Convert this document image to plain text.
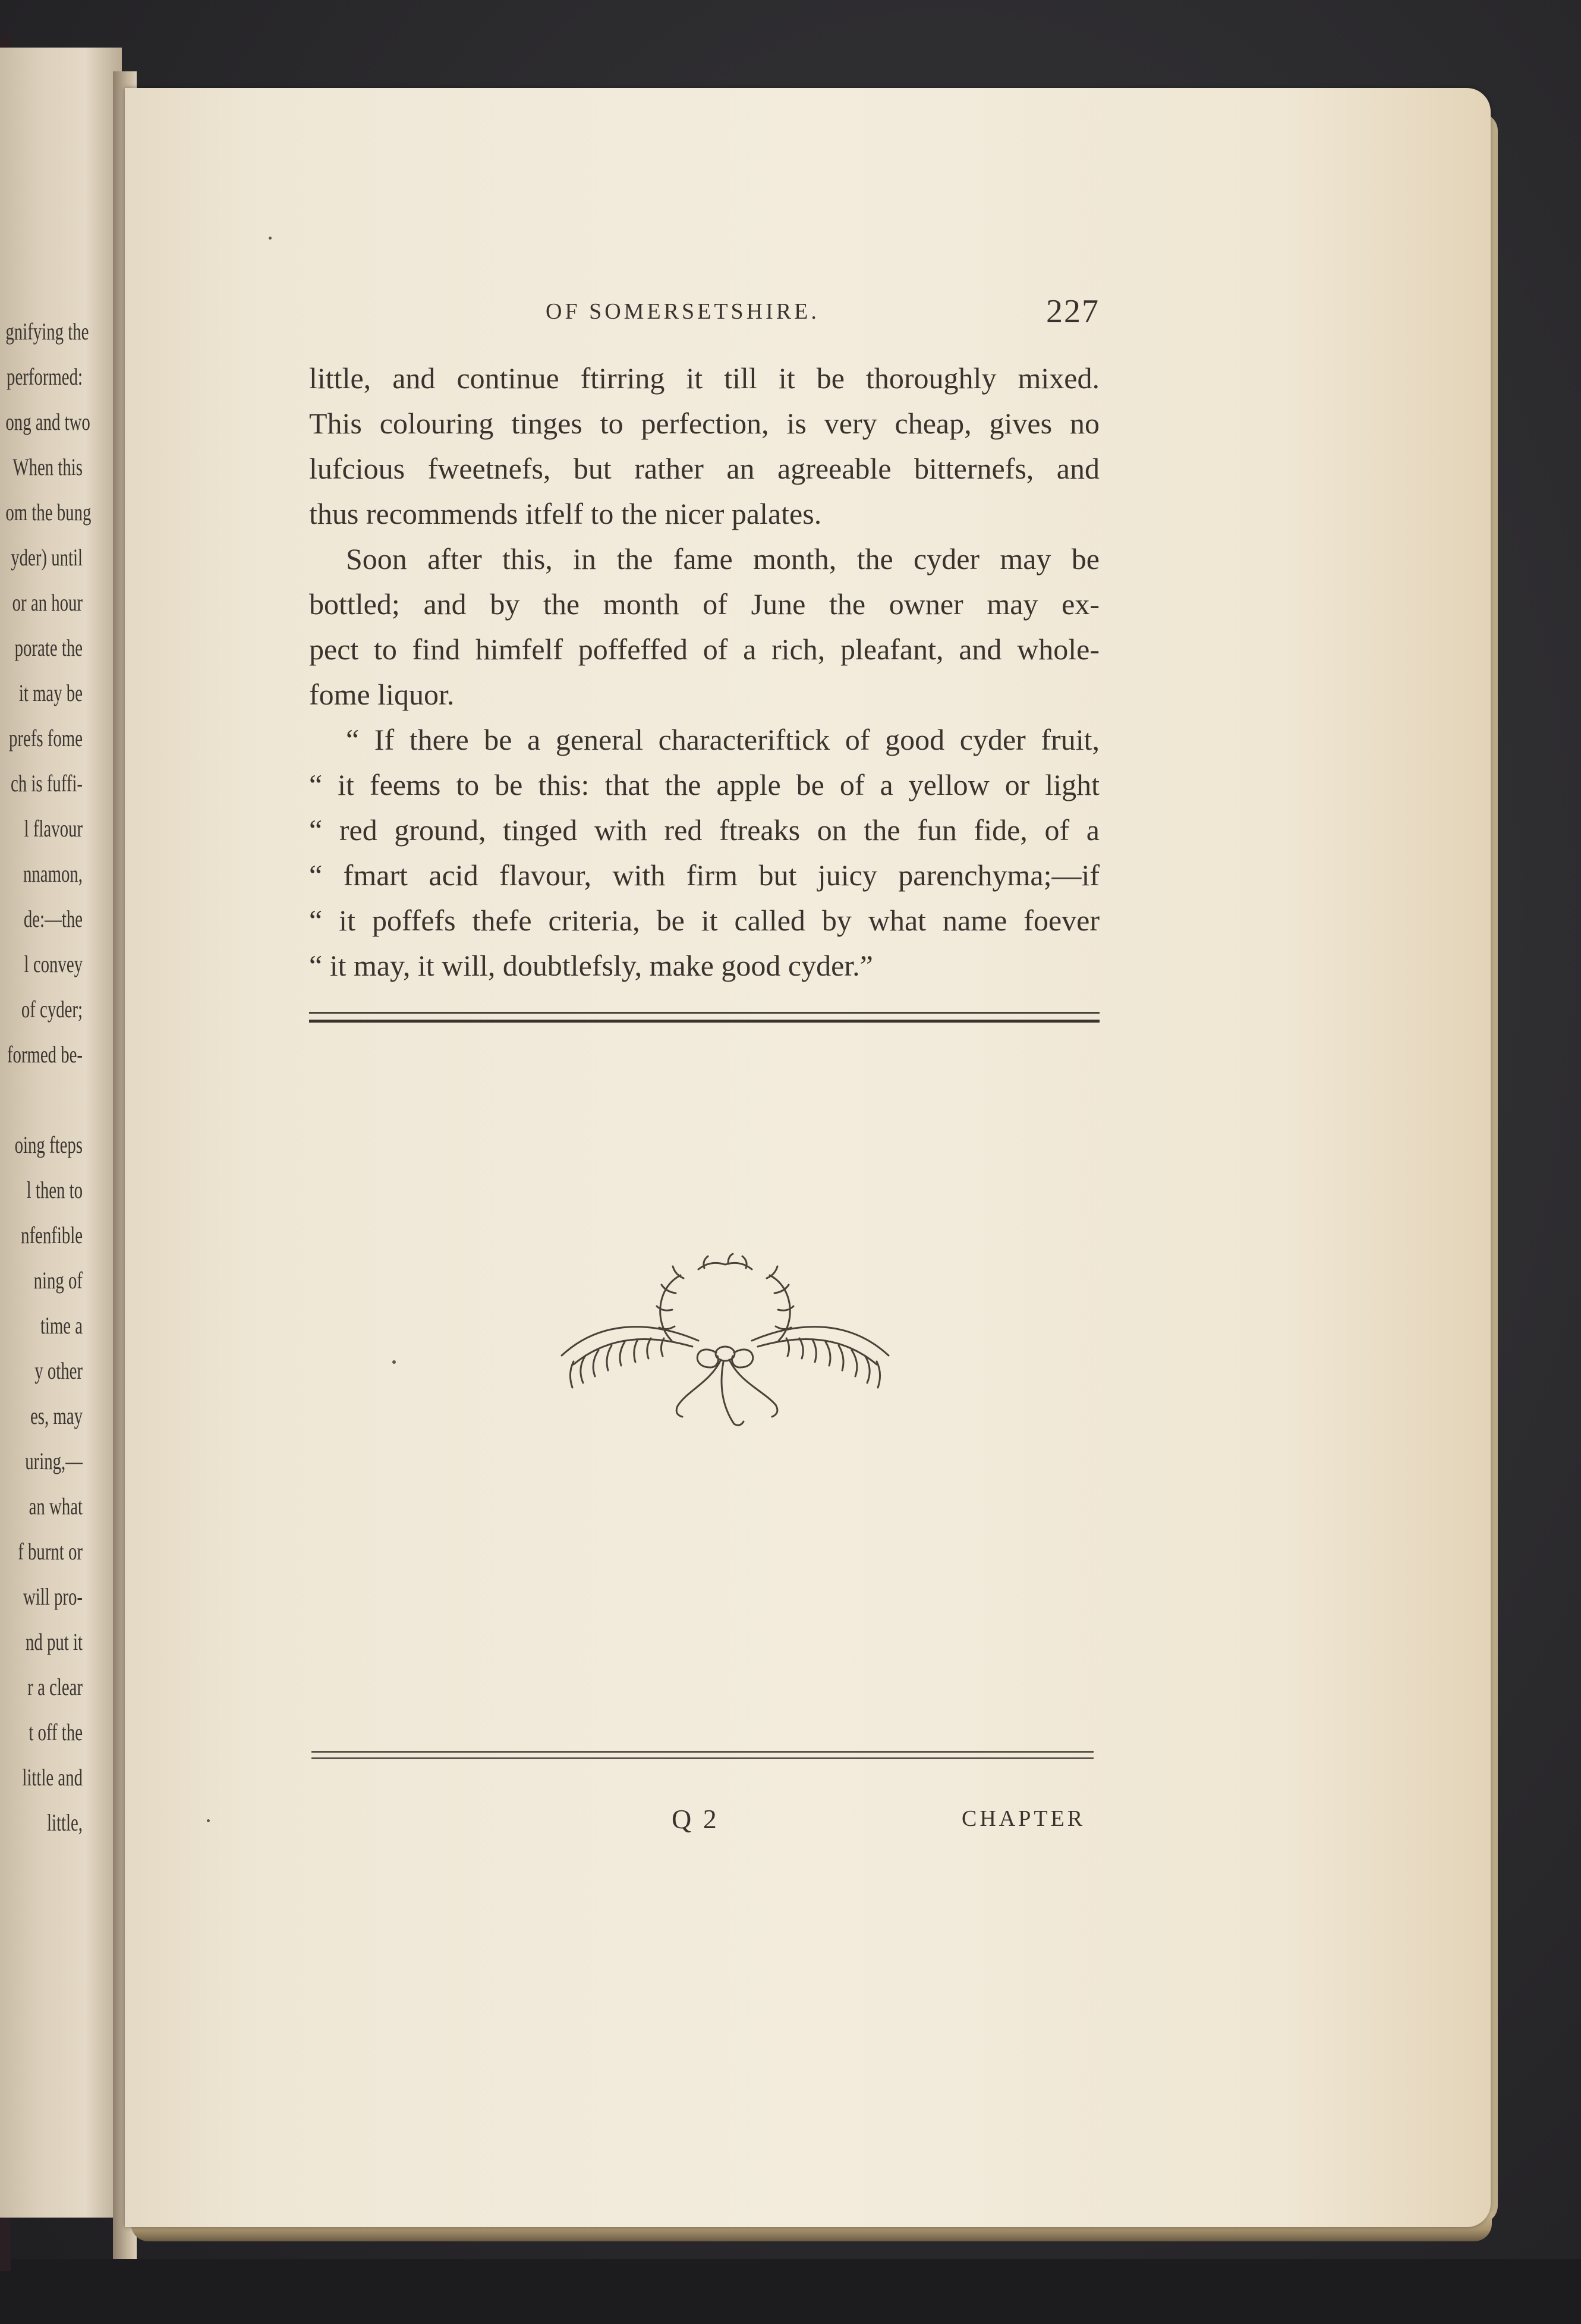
gnifying the
performed:
ong and two
When this
om the bung
yder) until
or an hour
porate the
it may be
prefs fome
ch is fuffi-
l flavour
nnamon,
de:—the
l convey
of cyder;
formed be-
oing fteps
l then to
nfenfible
ning of
time a
y other
es, may
uring,—
an what
f burnt or
will pro-
nd put it
r a clear
t off the
little and
little,
OF SOMERSETSHIRE.	227
little, and continue ftirring it till it be thoroughly mixed.
This colouring tinges to perfection, is very cheap, gives no
lufcious fweetnefs, but rather an agreeable bitternefs, and
thus recommends itfelf to the nicer palates.
Soon after this, in the fame month, the cyder may be
bottled; and by the month of June the owner may ex-
pect to find himfelf poffeffed of a rich, pleafant, and whole-
fome liquor.
“ If there be a general characteriftick of good cyder fruit,
“ it feems to be this: that the apple be of a yellow or light
“ red ground, tinged with red ftreaks on the fun fide, of a
“ fmart acid flavour, with firm but juicy parenchyma;—if
“ it poffefs thefe criteria, be it called by what name foever
“ it may, it will, doubtlefsly, make good cyder.”
Q 2	CHAPTER
